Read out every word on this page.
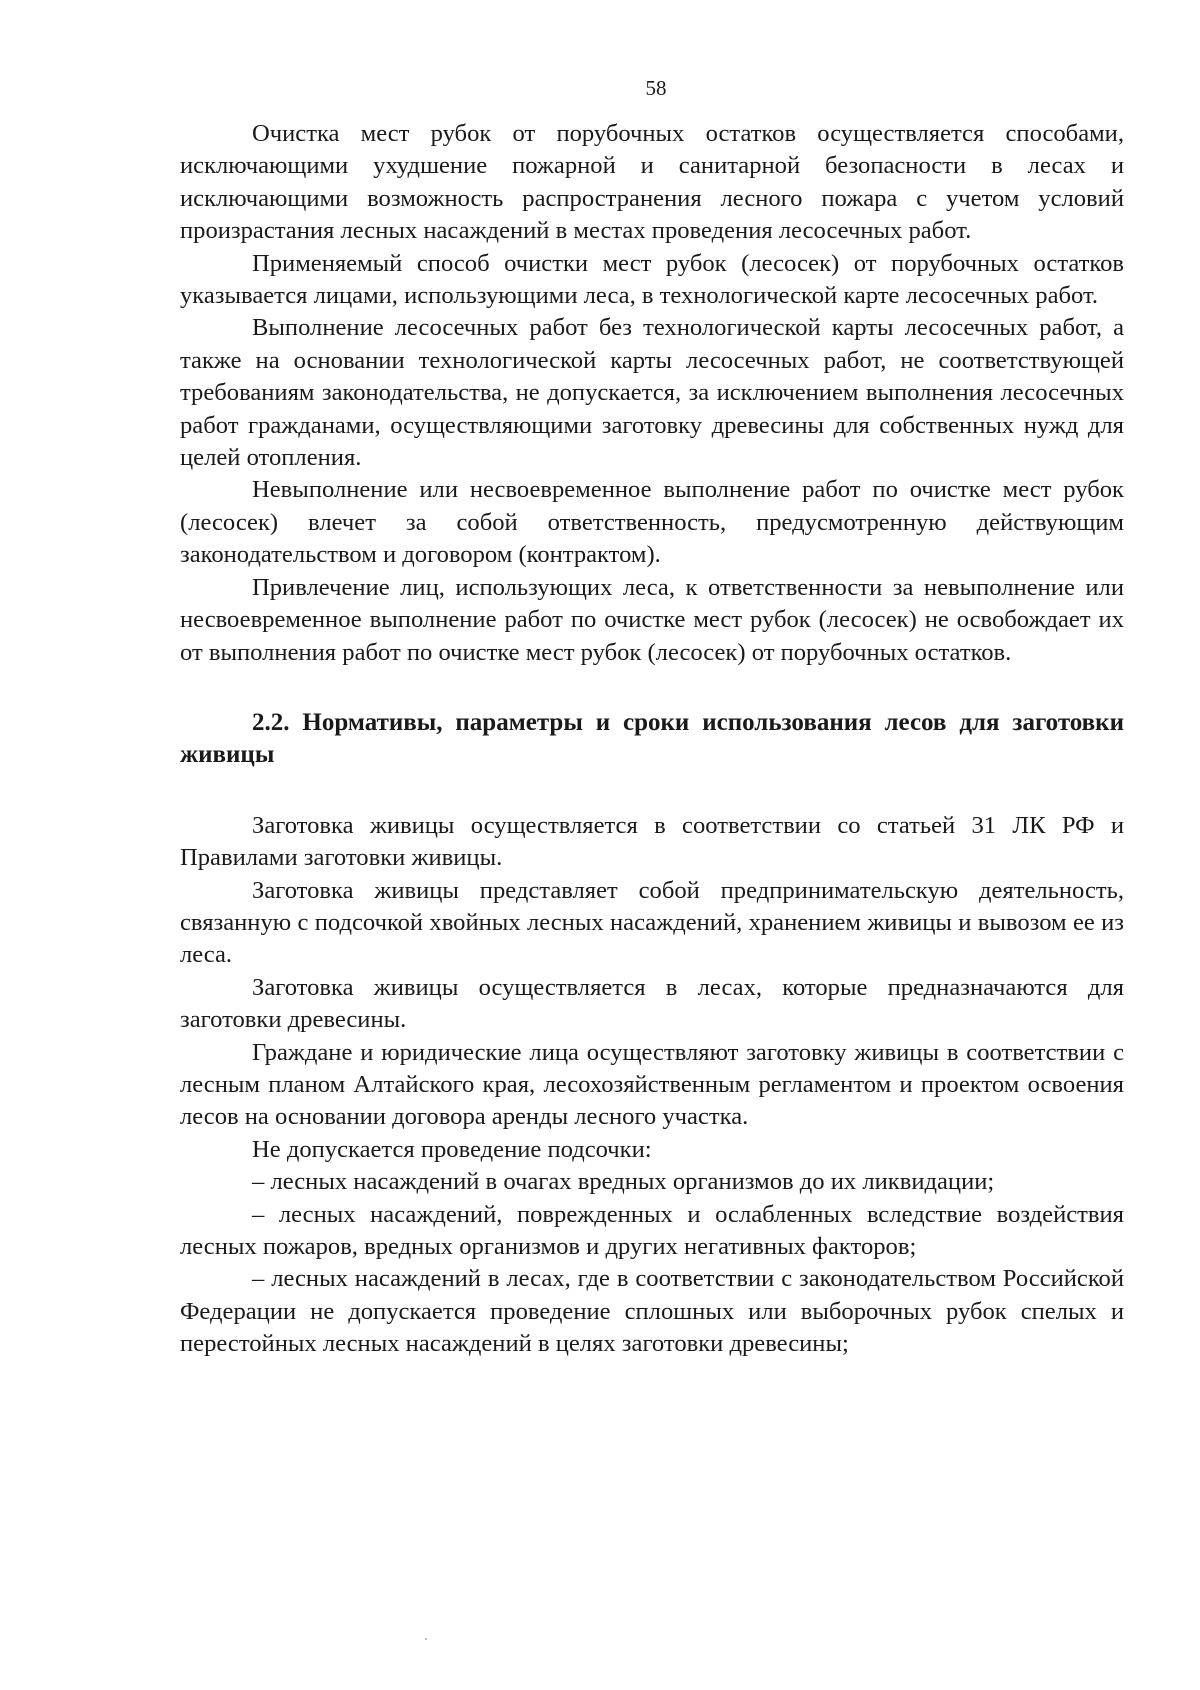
58

Очистка мест рубок от порубочных остатков осуществляется способами, исключающими ухудшение пожарной и санитарной безопасности в лесах и исключающими возможность распространения лесного пожара с учетом условий произрастания лесных насаждений в местах проведения лесосечных работ.

Применяемый способ очистки мест рубок (лесосек) от порубочных остатков указывается лицами, использующими леса, в технологической карте лесосечных работ.

Выполнение лесосечных работ без технологической карты лесосечных работ, а также на основании технологической карты лесосечных работ, не соответствующей требованиям законодательства, не допускается, за исключением выполнения лесосечных работ гражданами, осуществляющими заготовку древесины для собственных нужд для целей отопления.

Невыполнение или несвоевременное выполнение работ по очистке мест рубок (лесосек) влечет за собой ответственность, предусмотренную действующим законодательством и договором (контрактом).

Привлечение лиц, использующих леса, к ответственности за невыполнение или несвоевременное выполнение работ по очистке мест рубок (лесосек) не освобождает их от выполнения работ по очистке мест рубок (лесосек) от порубочных остатков.

2.2. Нормативы, параметры и сроки использования лесов для заготовки живицы

Заготовка живицы осуществляется в соответствии со статьей 31 ЛК РФ и Правилами заготовки живицы.

Заготовка живицы представляет собой предпринимательскую деятельность, связанную с подсочкой хвойных лесных насаждений, хранением живицы и вывозом ее из леса.

Заготовка живицы осуществляется в лесах, которые предназначаются для заготовки древесины.

Граждане и юридические лица осуществляют заготовку живицы в соответствии с лесным планом Алтайского края, лесохозяйственным регламентом и проектом освоения лесов на основании договора аренды лесного участка.

Не допускается проведение подсочки:

– лесных насаждений в очагах вредных организмов до их ликвидации;

– лесных насаждений, поврежденных и ослабленных вследствие воздействия лесных пожаров, вредных организмов и других негативных факторов;

– лесных насаждений в лесах, где в соответствии с законодательством Российской Федерации не допускается проведение сплошных или выборочных рубок спелых и перестойных лесных насаждений в целях заготовки древесины;
